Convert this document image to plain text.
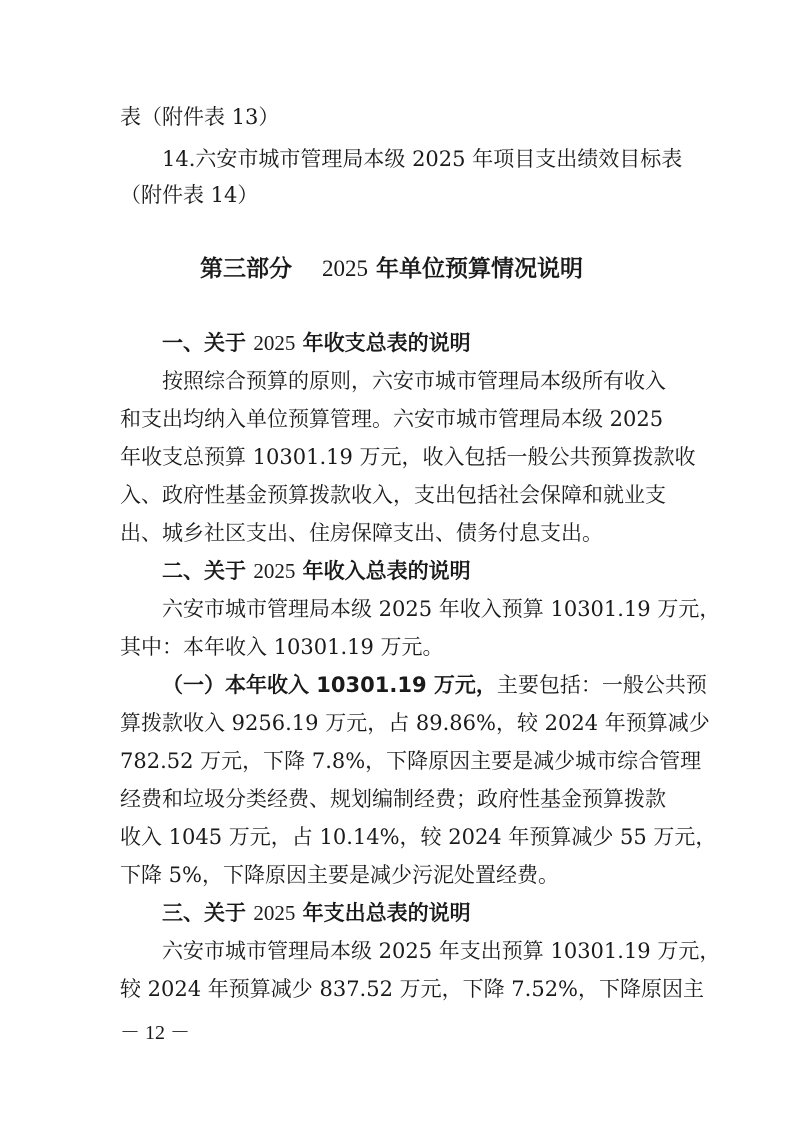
表（附件表 13）
14.六安市城市管理局本级 2025 年项目支出绩效目标表
（附件表 14）
第三部分 2025 年单位预算情况说明
一、关于 2025 年收支总表的说明
按照综合预算的原则，六安市城市管理局本级所有收入
和支出均纳入单位预算管理。六安市城市管理局本级 2025
年收支总预算 10301.19 万元，收入包括一般公共预算拨款收
入、政府性基金预算拨款收入，支出包括社会保障和就业支
出、城乡社区支出、住房保障支出、债务付息支出。
二、关于 2025 年收入总表的说明
六安市城市管理局本级 2025 年收入预算 10301.19 万元，
其中：本年收入 10301.19 万元。
（一）本年收入 10301.19 万元，主要包括：一般公共预
算拨款收入 9256.19 万元，占 89.86%，较 2024 年预算减少
782.52 万元，下降 7.8%，下降原因主要是减少城市综合管理
经费和垃圾分类经费、规划编制经费；政府性基金预算拨款
收入 1045 万元，占 10.14%，较 2024 年预算减少 55 万元，
下降 5%，下降原因主要是减少污泥处置经费。
三、关于 2025 年支出总表的说明
六安市城市管理局本级 2025 年支出预算 10301.19 万元，
较 2024 年预算减少 837.52 万元，下降 7.52%，下降原因主
－ 12 －
